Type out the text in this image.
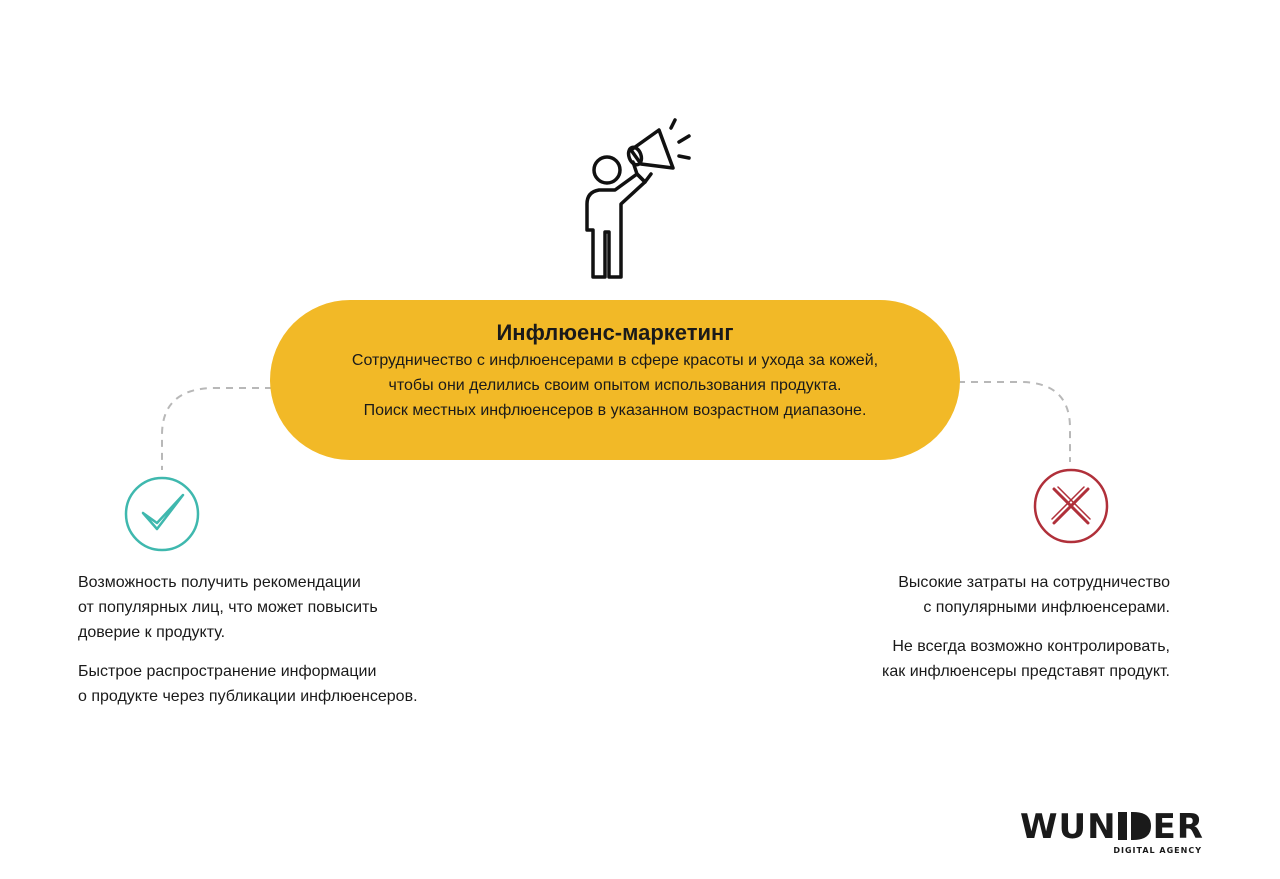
Инфлюенс-маркетинг
Сотрудничество с инфлюенсерами в сфере красоты и ухода за кожей,
чтобы они делились своим опытом использования продукта.
Поиск местных инфлюенсеров в указанном возрастном диапазоне.

Возможность получить рекомендации
от популярных лиц, что может повысить
доверие к продукту.

Быстрое распространение информации
о продукте через публикации инфлюенсеров.

Высокие затраты на сотрудничество
с популярными инфлюенсерами.

Не всегда возможно контролировать,
как инфлюенсеры представят продукт.

WUN ER
DIGITAL AGENCY
